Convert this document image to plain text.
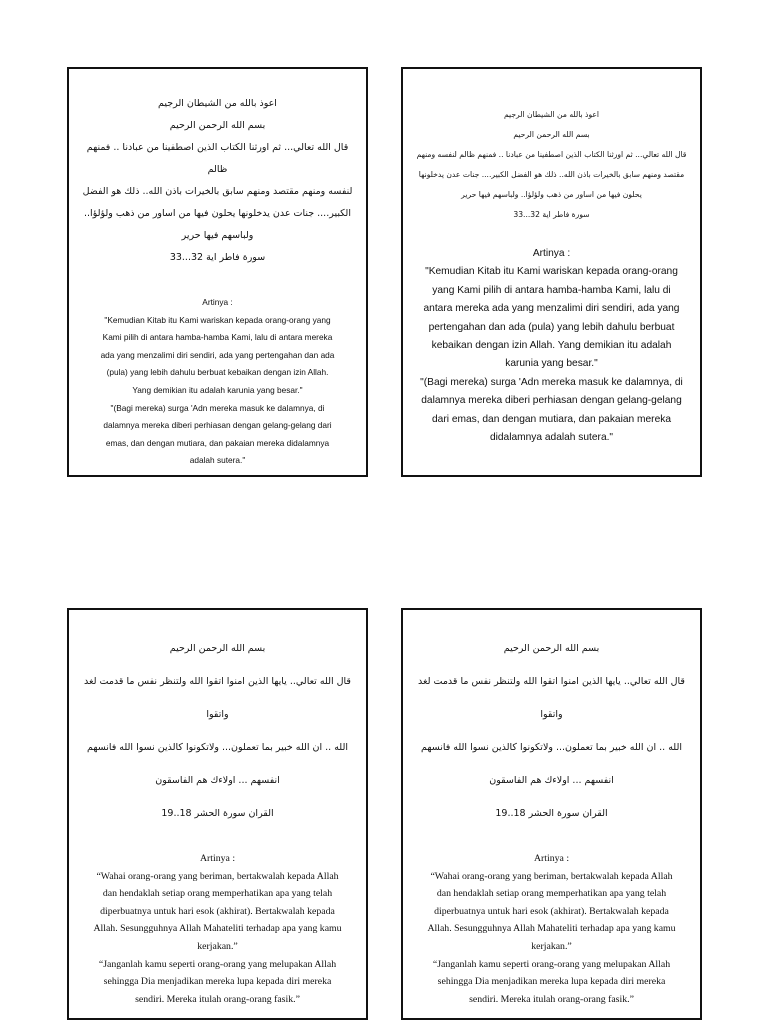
اعوذ بالله من الشيطان الرجيم

بسم الله الرحمن الرحيم

قال الله تعالي... ثم اورثنا الكتاب الذين اصطفينا من عبادنا .. فمنهم ظالم

لنفسه ومنهم مقتصد ومنهم سابق بالخيرات باذن الله.. ذلك هو الفضل

الكبير.... جنات عدن يدخلونها يحلون فيها من اساور من ذهب ولؤلؤا..

ولباسهم فيها حرير

سورة فاطر اية 32...33

Artinya :

"Kemudian Kitab itu Kami wariskan kepada orang-orang yang

Kami pilih di antara hamba-hamba Kami, lalu di antara mereka

ada yang menzalimi diri sendiri, ada yang pertengahan dan ada

(pula) yang lebih dahulu berbuat kebaikan dengan izin Allah.

Yang demikian itu adalah karunia yang besar."

"(Bagi mereka) surga 'Adn mereka masuk ke dalamnya, di

dalamnya mereka diberi perhiasan dengan gelang-gelang dari

emas, dan dengan mutiara, dan pakaian mereka didalamnya

adalah sutera."

اعوذ بالله من الشيطان الرجيم

بسم الله الرحمن الرحيم

قال الله تعالي... ثم اورثنا الكتاب الذين اصطفينا من عبادنا .. فمنهم ظالم لنفسه ومنهم

مقتصد ومنهم سابق بالخيرات باذن الله.. ذلك هو الفضل الكبير.... جنات عدن يدخلونها

يحلون فيها من اساور من ذهب ولؤلؤا.. ولباسهم فيها حرير

سورة فاطر اية 32...33

Artinya :

"Kemudian Kitab itu Kami wariskan kepada orang-orang

yang Kami pilih di antara hamba-hamba Kami, lalu di

antara mereka ada yang menzalimi diri sendiri, ada yang

pertengahan dan ada (pula) yang lebih dahulu berbuat

kebaikan dengan izin Allah. Yang demikian itu adalah

karunia yang besar."

"(Bagi mereka) surga 'Adn mereka masuk ke dalamnya, di

dalamnya mereka diberi perhiasan dengan gelang-gelang

dari emas, dan dengan mutiara, dan pakaian mereka

didalamnya adalah sutera."

بسم الله الرحمن الرحيم

قال الله تعالي.. يايها الذين امنوا اتقوا الله ولتنظر نفس ما قدمت لغد واتقوا

الله .. ان الله خبير بما تعملون... ولاتكونوا كالذين نسوا الله فانسهم

انفسهم ... اولاءك هم الفاسقون

القران سورة الحشر 18..19

Artinya :

“Wahai orang-orang yang beriman, bertakwalah kepada Allah

dan hendaklah setiap orang memperhatikan apa yang telah

diperbuatnya untuk hari esok (akhirat). Bertakwalah kepada

Allah. Sesungguhnya Allah Mahateliti terhadap apa yang kamu

kerjakan.”

“Janganlah kamu seperti orang-orang yang melupakan Allah

sehingga Dia menjadikan mereka lupa kepada diri mereka

sendiri. Mereka itulah orang-orang fasik.”

بسم الله الرحمن الرحيم

قال الله تعالي.. يايها الذين امنوا اتقوا الله ولتنظر نفس ما قدمت لغد واتقوا

الله .. ان الله خبير بما تعملون... ولاتكونوا كالذين نسوا الله فانسهم

انفسهم ... اولاءك هم الفاسقون

القران سورة الحشر 18..19

Artinya :

“Wahai orang-orang yang beriman, bertakwalah kepada Allah

dan hendaklah setiap orang memperhatikan apa yang telah

diperbuatnya untuk hari esok (akhirat). Bertakwalah kepada

Allah. Sesungguhnya Allah Mahateliti terhadap apa yang kamu

kerjakan.”

“Janganlah kamu seperti orang-orang yang melupakan Allah

sehingga Dia menjadikan mereka lupa kepada diri mereka

sendiri. Mereka itulah orang-orang fasik.”
